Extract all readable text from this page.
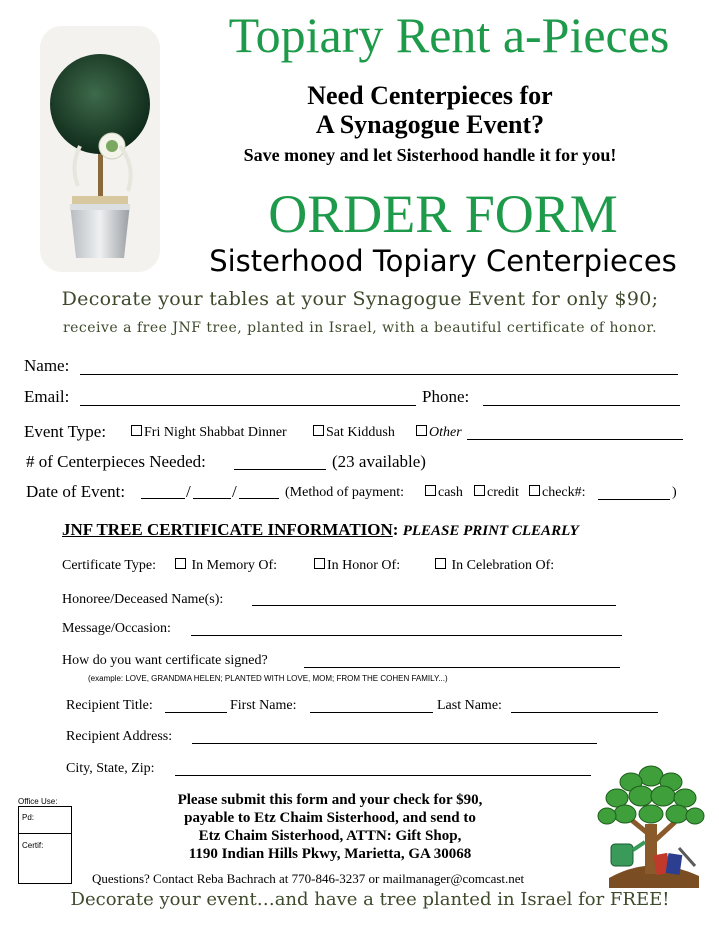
Topiary Rent a-Pieces
Need Centerpieces for
A Synagogue Event?
Save money and let Sisterhood handle it for you!
ORDER FORM
Sisterhood Topiary Centerpieces
Decorate your tables at your Synagogue Event for only $90;
receive a free JNF tree, planted in Israel, with a beautiful certificate of honor.
Name:
Email:	Phone:
Event Type:	Fri Night Shabbat Dinner	Sat Kiddush	Other
# of Centerpieces Needed:	(23 available)
Date of Event:	/ /	(Method of payment:	cash	credit	check#:	)
JNF TREE CERTIFICATE INFORMATION: PLEASE PRINT CLEARLY
Certificate Type:	In Memory Of:	In Honor Of:	In Celebration Of:
Honoree/Deceased Name(s):
Message/Occasion:
How do you want certificate signed?
(example: LOVE, GRANDMA HELEN; PLANTED WITH LOVE, MOM; FROM THE COHEN FAMILY...)
Recipient Title:	First Name:	Last Name:
Recipient Address:
City, State, Zip:
Office Use:
Pd:
Certif:
Please submit this form and your check for $90,
payable to Etz Chaim Sisterhood, and send to
Etz Chaim Sisterhood, ATTN: Gift Shop,
1190 Indian Hills Pkwy, Marietta, GA 30068
Questions? Contact Reba Bachrach at 770-846-3237 or mailmanager@comcast.net
Decorate your event…and have a tree planted in Israel for FREE!
